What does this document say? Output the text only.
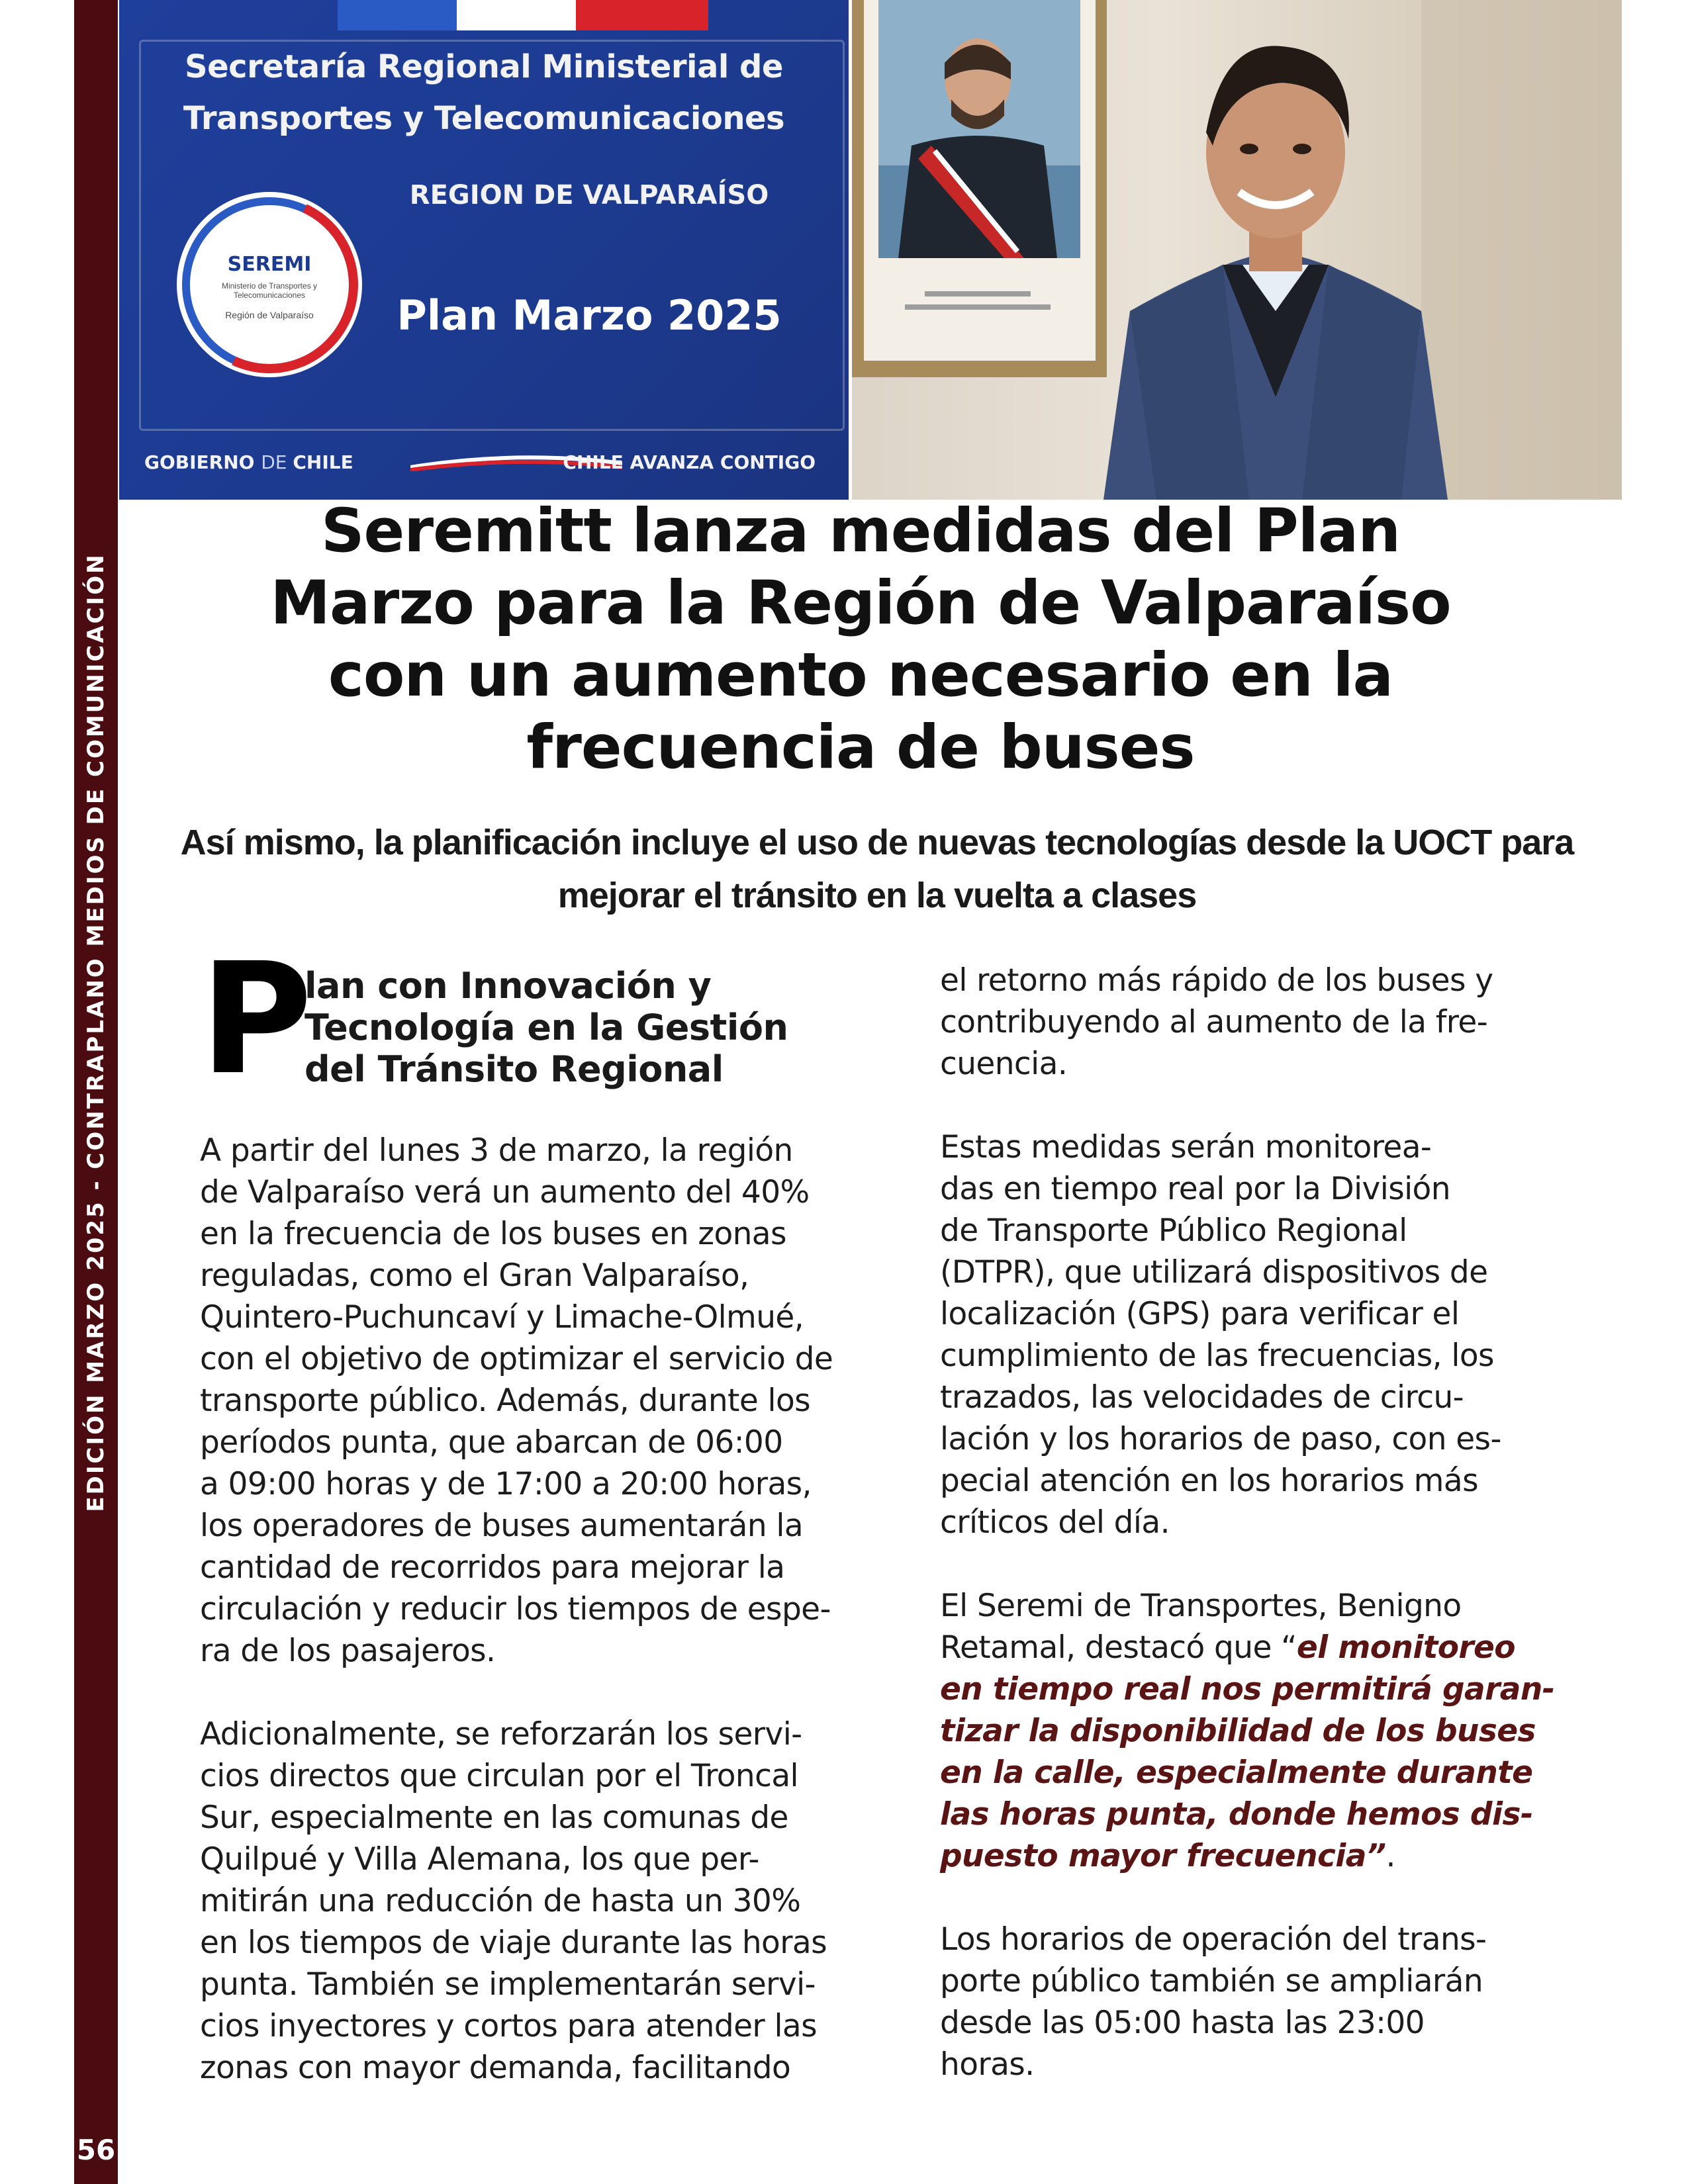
EDICIÓN MARZO 2025 - CONTRAPLANO MEDIOS DE COMUNICACIÓN
56
Secretaría Regional Ministerial de
Transportes y Telecomunicaciones
REGION DE VALPARAÍSO
Plan Marzo 2025
SEREMI
Ministerio de Transportes y Telecomunicaciones
Región de Valparaíso
GOBIERNO DE CHILE	CHILE AVANZA CONTIGO
Seremitt lanza medidas del Plan
Marzo para la Región de Valparaíso
con un aumento necesario en la
frecuencia de buses
Así mismo, la planificación incluye el uso de nuevas tecnologías desde la UOCT para
mejorar el tránsito en la vuelta a clases
P
lan con Innovación y
Tecnología en la Gestión
del Tránsito Regional

A partir del lunes 3 de marzo, la región
de Valparaíso verá un aumento del 40%
en la frecuencia de los buses en zonas
reguladas, como el Gran Valparaíso,
Quintero-Puchuncaví y Limache-Olmué,
con el objetivo de optimizar el servicio de
transporte público. Además, durante los
períodos punta, que abarcan de 06:00
a 09:00 horas y de 17:00 a 20:00 horas,
los operadores de buses aumentarán la
cantidad de recorridos para mejorar la
circulación y reducir los tiempos de espe-
ra de los pasajeros.

Adicionalmente, se reforzarán los servi-
cios directos que circulan por el Troncal
Sur, especialmente en las comunas de
Quilpué y Villa Alemana, los que per-
mitirán una reducción de hasta un 30%
en los tiempos de viaje durante las horas
punta. También se implementarán servi-
cios inyectores y cortos para atender las
zonas con mayor demanda, facilitando

el retorno más rápido de los buses y
contribuyendo al aumento de la fre-
cuencia.

Estas medidas serán monitorea-
das en tiempo real por la División
de Transporte Público Regional
(DTPR), que utilizará dispositivos de
localización (GPS) para verificar el
cumplimiento de las frecuencias, los
trazados, las velocidades de circu-
lación y los horarios de paso, con es-
pecial atención en los horarios más
críticos del día.

El Seremi de Transportes, Benigno
Retamal, destacó que “el monitoreo
en tiempo real nos permitirá garan-
tizar la disponibilidad de los buses
en la calle, especialmente durante
las horas punta, donde hemos dis-
puesto mayor frecuencia”.

Los horarios de operación del trans-
porte público también se ampliarán
desde las 05:00 hasta las 23:00
horas.
